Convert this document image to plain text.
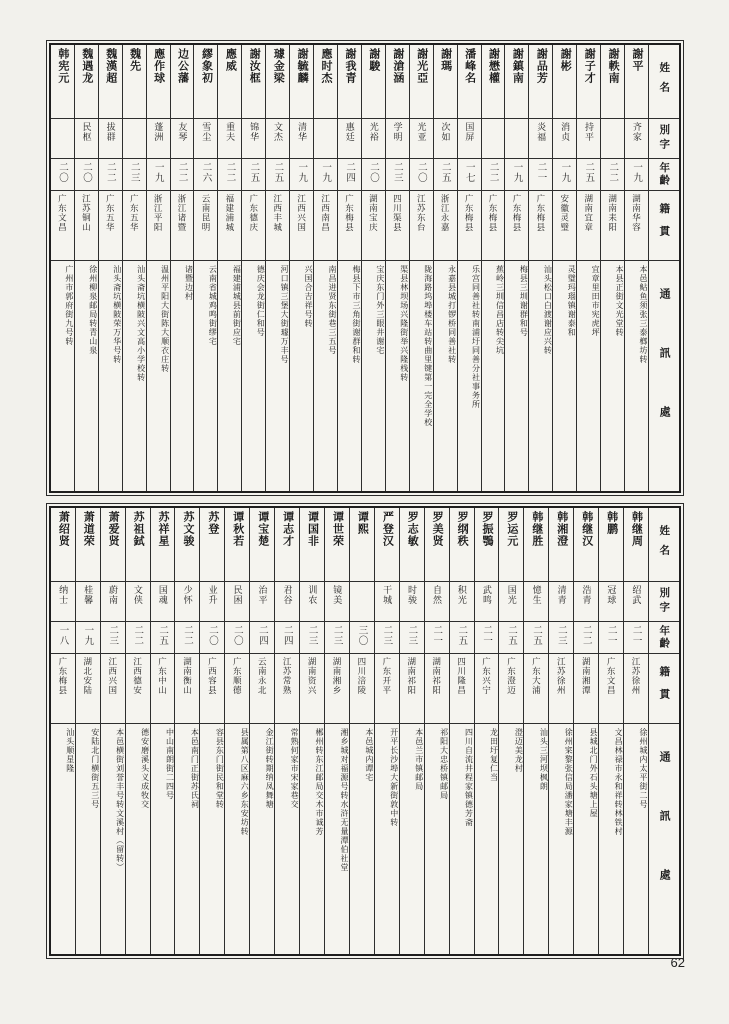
姓名
別字
年齡
籍貫
通訊處
謝平
齐家
一九
湖南华容
本邑鲇鱼须张三泰榔坊转
謝軼南
二二
湖南耒阳
本县正街文光堂转
謝子才
持平
二五
湖南宜章
宜章里田市宪虎坪
謝彬
消贞
一九
安徽灵璧
灵璧玛瑙镇谢泰和
謝品芳
炎福
二一
广东梅县
汕头松口白渡谢应兴转
謝鎮南
一九
广东梅县
梅县三圳谢群和号
謝懋權
二二
广东梅县
蕉岭三圳信昌店转尖坑
潘峰名
国屏
一七
广东梅县
乐宫同善社转南浦圩同善分社事务所
謝瑪
次如
二五
浙江永嘉
永嘉县城打锣桥同善社转
謝光亞
光亚
二〇
江苏东台
陇海路坞埠楼车站转曲里键第一完全学校
謝滄涵
学明
二三
四川渠县
渠县林坝场兴隆街举兴隆栈转
謝駿
光裕
二〇
湖南宝庆
宝庆东门外三眼井谢宅
謝我青
惠廷
二四
广东梅县
梅县下市三角街谢群和转
應时杰
一九
江西南昌
南昌进贤东街巷三五号
謝毓麟
清华
一九
江西兴国
兴国合吉祥号转
璩金梁
文杰
二五
江西丰城
河口镇三堡大街璩万丰号
謝汝框
锦华
二五
广东德庆
德庆会龙街仁和号
應威
重夫
二二
福建浦城
福建浦城县前街应宅
繆象初
雪尘
二六
云南昆明
云南省城鸡鸣街缪宅
边公藩
友琴
二二
浙江诸暨
诸暨边村
應作球
蓬洲
一九
浙江平阳
温州平阳大街陈大顺衣庄转
魏先
二三
广东五华
汕头斋坑横陂兴文高小学校转
魏漢超
拔群
二二
广东五华
汕头斋坑横陂荣万华号转
魏遇龙
民枢
二〇
江苏铜山
徐州柳泉邮局转青山泉
韩宪元
二〇
广东文昌
广州市郭府街九号转
姓名
別字
年齡
籍貫
通訊處
韩继周
绍武
二一
江苏徐州
徐州城内太平街二号
韩鹏
冠球
二一
广东文昌
文昌林禄市永和祥转林铁村
韩继汉
浩青
二二
湖南湘潭
县城北门外石头塘上屋
韩湘澄
清青
二三
江苏徐州
徐州寀黎张信局潘家塘丰源
韩继胜
憶生
二五
广东大浦
汕头三河坝枫朗
罗运元
国光
二五
广东澄迈
澄迈美龙村
罗振鶚
武鸣
二一
广东兴宁
龙田圩复仁当
罗纲秩
积光
二五
四川隆昌
四川自流井程家镇德芳斋
罗美贤
自然
二一
湖南祁阳
祁阳大忠桥镇邮局
罗志敏
时骏
二三
湖南祁阳
本邑兰市镇邮局
严登汉
干城
二三
广东开平
开平长沙埠大新街敦中转
谭熙
三〇
四川涪陵
本邑城内谭宅
谭世荣
镜美
二三
湖南湘乡
湘乡城对福源号转水浒无量潭伯社堂
谭国非
训农
二三
湖南资兴
郴州转东江邮局交木市诚芳
谭志才
君谷
二四
江苏常熟
常熟何家市宋家巷交
谭宝楚
治平
二四
云南永北
金江街转期纳凤舞塘
谭秋若
民困
二〇
广东顺德
县属第八区麻六乡东安坊转
苏登
业升
二〇
广西容县
容县东门街民和堂转
苏文骏
少怀
二二
湖南衡山
本邑南门正街苏氏祠
苏祥星
国魂
二五
广东中山
中山南朗街二四号
苏祖鉽
文侠
二二
江西德安
德安磨溪头义成牧交
萧爱贤
蔚南
二三
江西兴国
本邑横街刘誉丰号转文溪村（留转）
萧道荣
桂馨
一九
湖北安陆
安陆北门横街五三号
萧绍贤
纳士
一八
广东梅县
汕头顺星隆
62
